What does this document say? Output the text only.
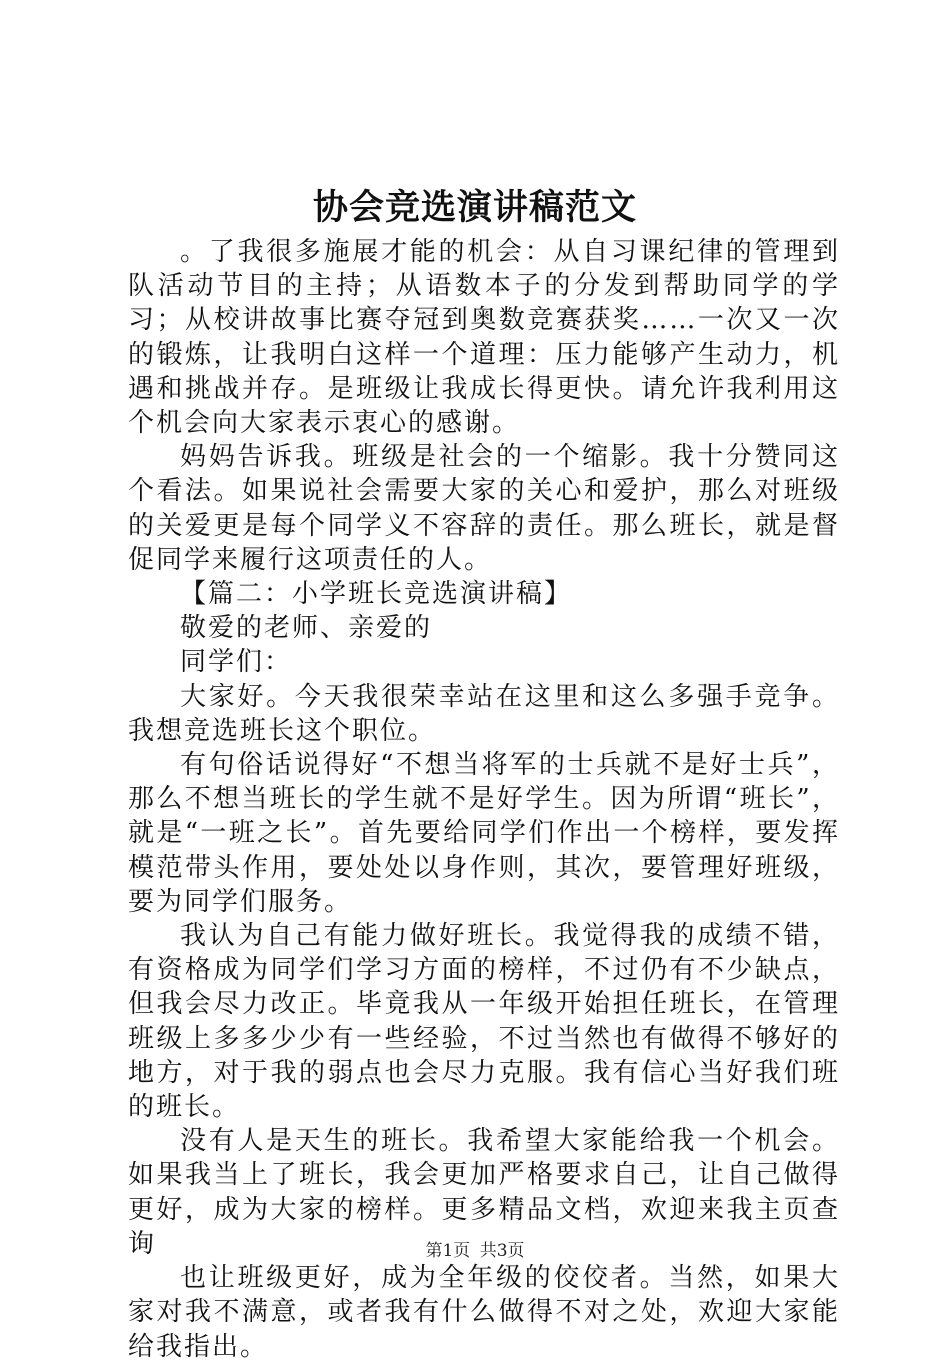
协会竞选演讲稿范文

。了我很多施展才能的机会：从自习课纪律的管理到队活动节目的主持；从语数本子的分发到帮助同学的学习；从校讲故事比赛夺冠到奥数竞赛获奖……一次又一次的锻炼，让我明白这样一个道理：压力能够产生动力，机遇和挑战并存。是班级让我成长得更快。请允许我利用这个机会向大家表示衷心的感谢。

妈妈告诉我。班级是社会的一个缩影。我十分赞同这个看法。如果说社会需要大家的关心和爱护，那么对班级的关爱更是每个同学义不容辞的责任。那么班长，就是督促同学来履行这项责任的人。

【篇二：小学班长竞选演讲稿】

敬爱的老师、亲爱的

同学们：

大家好。今天我很荣幸站在这里和这么多强手竞争。我想竞选班长这个职位。

有句俗话说得好“不想当将军的士兵就不是好士兵”，那么不想当班长的学生就不是好学生。因为所谓“班长”，就是“一班之长”。首先要给同学们作出一个榜样，要发挥模范带头作用，要处处以身作则，其次，要管理好班级，要为同学们服务。

我认为自己有能力做好班长。我觉得我的成绩不错，有资格成为同学们学习方面的榜样，不过仍有不少缺点，但我会尽力改正。毕竟我从一年级开始担任班长，在管理班级上多多少少有一些经验，不过当然也有做得不够好的地方，对于我的弱点也会尽力克服。我有信心当好我们班的班长。

没有人是天生的班长。我希望大家能给我一个机会。如果我当上了班长，我会更加严格要求自己，让自己做得更好，成为大家的榜样。更多精品文档，欢迎来我主页查询

也让班级更好，成为全年级的佼佼者。当然，如果大家对我不满意，或者我有什么做得不对之处，欢迎大家能给我指出。

第1页 共3页
